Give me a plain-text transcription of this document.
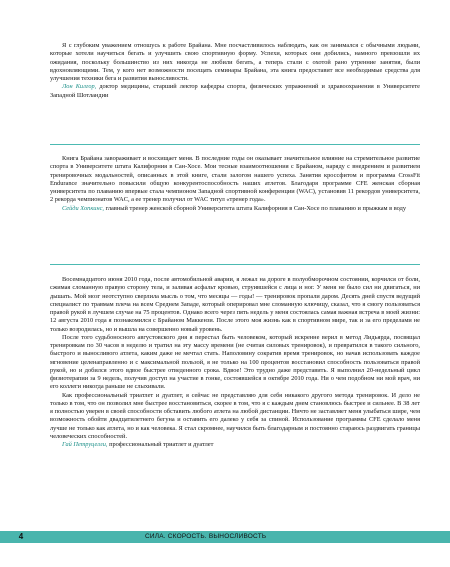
Я с глубоким уважением отношусь к работе Брайана. Мне посчастливилось наблюдать, как он занимался с обычными людьми, которые хотели научиться бегать и улучшить свою спортивную форму. Успехи, которых они добились, намного превзошли их ожидания, поскольку большинство из них никогда не любили бегать, а теперь стали с охотой рано утренние занятия, были вдохновляющими. Тем, у кого нет возможности посещать семинары Брайана, эта книга предоставит все необходимые средства для улучшения техники бега и развития выносливости.

Лон Килгор, доктор медицины, старший лектор кафедры спорта, физических упражнений и здравоохранения в Университете Западной Шотландии

Книга Брайана завораживает и восхищает меня. В последние годы он оказывает значительное влияние на стремительное развитие спорта в Университете штата Калифорния в Сан-Хосе. Мои тесные взаимоотношения с Брайаном, наряду с внедрением и развитием тренировочных модальностей, описанных в этой книге, стали залогом нашего успеха. Занятия кроссфитом и программа CrossFit Endurance значительно повысили общую конкурентоспособность наших атлетов. Благодаря программе CFE женская сборная университета по плаванию впервые стала чемпионом Западной спортивной конференции (WAC), установив 11 рекордов университета, 2 рекорда чемпионатов WAC, а ее тренер получил от WAC титул «тренер года».

Сейди Хопкинс, главный тренер женской сборной Университета штата Калифорния в Сан-Хосе по плаванию и прыжкам в воду

Восемнадцатого июня 2010 года, после автомобильной аварии, я лежал на дороге в полуобморочном состоянии, корчился от боли, сжимая сломанную правую сторону тела, и заливая асфальт кровью, струившейся с лица и ног. У меня не было сил ни двигаться, ни дышать. Мой мозг неотступно сверлила мысль о том, что месяцы — годы! — тренировок пропали даром. Десять дней спустя ведущий специалист по травмам плеча на всем Среднем Западе, который оперировал мне сломанную ключицу, сказал, что я смогу пользоваться правой рукой в лучшем случае на 75 процентов. Однако всего через пять недель у меня состоялась самая важная встреча в моей жизни: 12 августа 2010 года я познакомился с Брайаном Маккензи. После этого моя жизнь как в спортивном мире, так и за его пределами не только возродилась, но и вышла на совершенно новый уровень.

После того судьбоносного августовского дня я перестал быть человеком, который искренне верил в метод Лидьярда, посвящал тренировкам по 30 часов в неделю и тратил на эту массу времени (не считая силовых тренировок), и превратился в такого сильного, быстрого и выносливого атлета, каким даже не мечтал стать. Наполовину сократив время тренировок, но начав использовать каждое мгновение целенаправленно и с максимальной пользой, я не только на 100 процентов восстановил способность пользоваться правой рукой, но и добился этого вдвое быстрее отведенного срока. Вдвое! Это трудно даже представить. Я выполнил 20-недельный цикл физиотерапии за 9 недель, получив доступ на участие в гонке, состоявшейся в октябре 2010 года. Ни о чем подобном ни мой врач, ни его коллеги никогда раньше не слыхивали.

Как профессиональный триатлет и дуатлет, я сейчас не представляю для себя никакого другого метода тренировок. И дело не только в том, что он позволил мне быстрее восстановиться, скорее в том, что я с каждым днем становлюсь быстрее и сильнее. В 38 лет я полностью уверен в своей способности обставить любого атлета на любой дистанции. Ничто не заставляет меня улыбаться шире, чем возможность обойти двадцатилетнего бегуна и оставить его далеко у себя за спиной. Использование программы CFE сделало меня лучше не только как атлета, но и как человека. Я стал скромнее, научился быть благодарным и постоянно стараюсь раздвигать границы человеческих способностей.

Гай Петруцелли, профессиональный триатлет и дуатлет

4	СИЛА. СКОРОСТЬ. ВЫНОСЛИВОСТЬ
